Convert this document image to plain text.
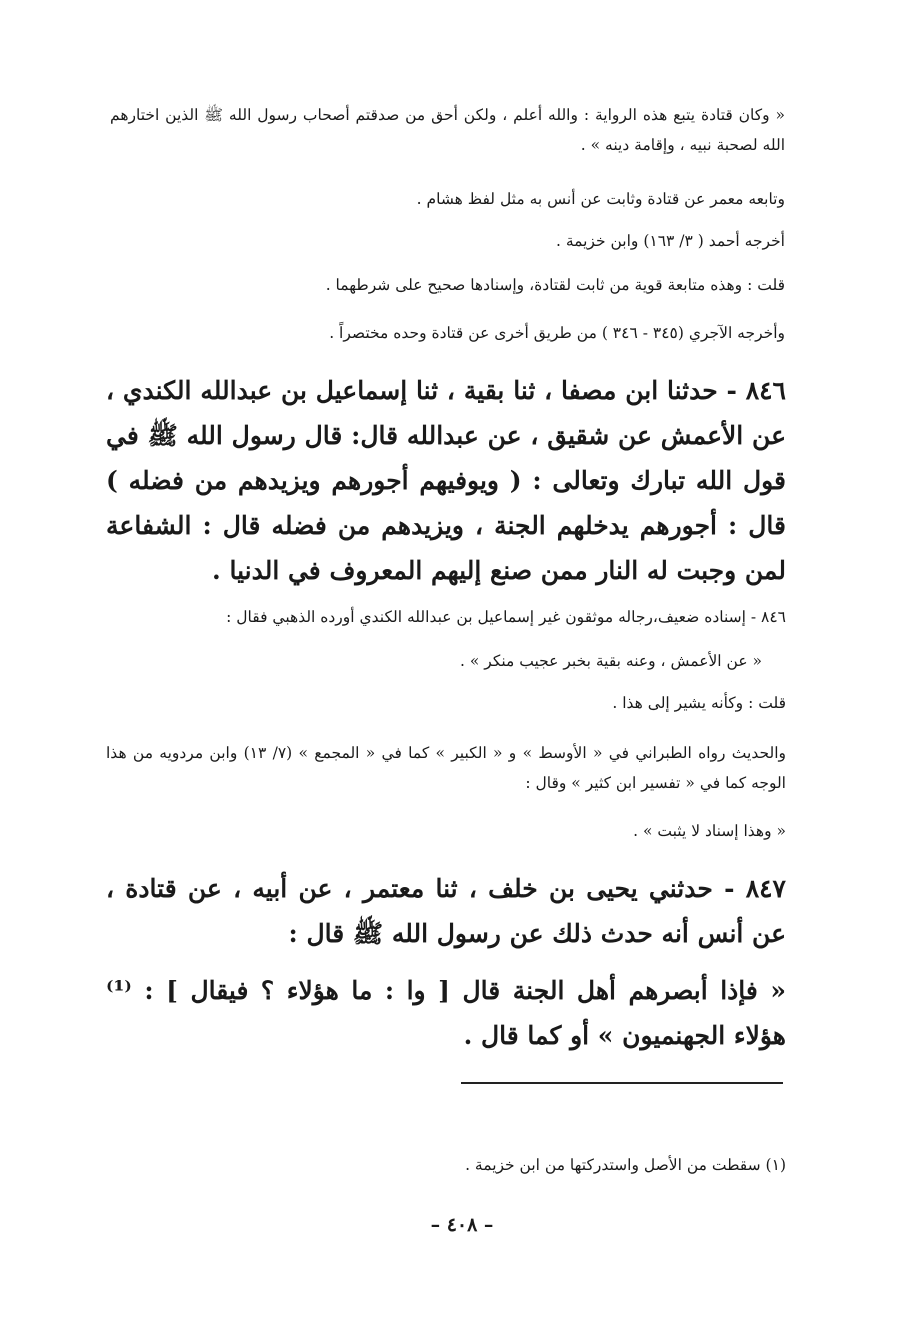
« وكان قتادة يتبع هذه الرواية : والله أعلم ، ولكن أحق من صدقتم أصحاب رسول الله ﷺ الذين اختارهم الله لصحبة نبيه ، وإقامة دينه » .
وتابعه معمر عن قتادة وثابت عن أنس به مثل لفظ هشام .
أخرجه أحمد ( ٣/ ١٦٣) وابن خزيمة .
قلت : وهذه متابعة قوية من ثابت لقتادة، وإسنادها صحيح على شرطهما .
وأخرجه الآجري (٣٤٥ - ٣٤٦ ) من طريق أخرى عن قتادة وحده مختصراً .
٨٤٦ - حدثنا ابن مصفا ، ثنا بقية ، ثنا إسماعيل بن عبدالله الكندي ، عن الأعمش عن شقيق ، عن عبدالله قال: قال رسول الله ﷺ في قول الله تبارك وتعالى : ( ويوفيهم أجورهم ويزيدهم من فضله ) قال : أجورهم يدخلهم الجنة ، ويزيدهم من فضله قال : الشفاعة لمن وجبت له النار ممن صنع إليهم المعروف في الدنيا .
٨٤٦ - إسناده ضعيف،رجاله موثقون غير إسماعيل بن عبدالله الكندي أورده الذهبي فقال :
« عن الأعمش ، وعنه بقية بخبر عجيب منكر » .
قلت : وكأنه يشير إلى هذا .
والحديث رواه الطبراني في « الأوسط » و « الكبير » كما في « المجمع » (٧/ ١٣) وابن مردويه من هذا الوجه كما في « تفسير ابن كثير » وقال :
« وهذا إسناد لا يثبت » .
٨٤٧ - حدثني يحيى بن خلف ، ثنا معتمر ، عن أبيه ، عن قتادة ، عن أنس أنه حدث ذلك عن رسول الله ﷺ قال :
« فإذا أبصرهم أهل الجنة قال [ وا : ما هؤلاء ؟ فيقال ] : ⁽¹⁾ هؤلاء الجهنميون » أو كما قال .
(١) سقطت من الأصل واستدركتها من ابن خزيمة .
– ٤٠٨ –
